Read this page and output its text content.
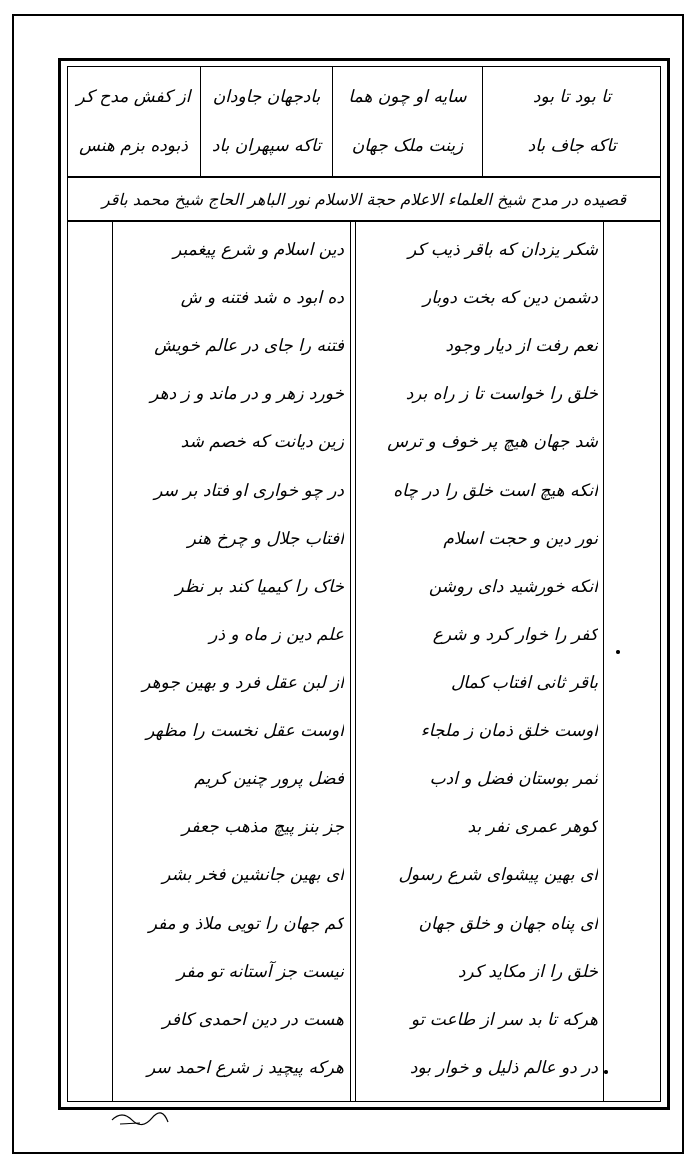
از کفش مدح کر
ذبوده بزم هنس
بادجهان جاودان
تاکه سپهران باد
سایه او چون هما
زینت ملک جهان
تا بود تا بود
تاکه جاف باد
قصیده در مدح شیخ العلماء الاعلام حجة الاسلام نور الباهر الحاج شیخ محمد باقر
شکر یزدان که باقر ذیب کر
دشمن دین که بخت دوبار
نعم رفت از دیار وجود
خلق را خواست تا ز راه برد
شد جهان هیچ پر خوف و ترس
انکه هیچ است خلق را در چاه
نور دین و حجت اسلام
انکه خورشید دای روشن
کفر را خوار کرد و شرع
باقر ثانی افتاب کمال
اوست خلق ذمان ز ملجاء
ثمر بوستان فضل و ادب
کوهر عمری نفر بد
ای بهین پیشوای شرع رسول
ای پناه جهان و خلق جهان
خلق را از مکاید کرد
هرکه تا بد سر از طاعت تو
در دو عالم ذلیل و خوار بود
دین اسلام و شرع پیغمبر
ده ابود ه شد فتنه و ش
فتنه را جای در عالم خویش
خورد زهر و در ماند و ز دهر
زین دیانت که خصم شد
در چو خواری او فتاد بر سر
افتاب جلال و چرخ هنر
خاک را کیمیا کند بر نظر
علم دین ز ماه و ذر
از لبن عقل فرد و بهین جوهر
اوست عقل نخست را مظهر
فضل پرور چنین کریم
جز بنز پیچ مذهب جعفر
ای بهین جانشین فخر بشر
کم جهان را تویی ملاذ و مفر
نیست جز آستانه تو مفر
هست در دین احمدی کافر
هرکه پیچید ز شرع احمد سر
